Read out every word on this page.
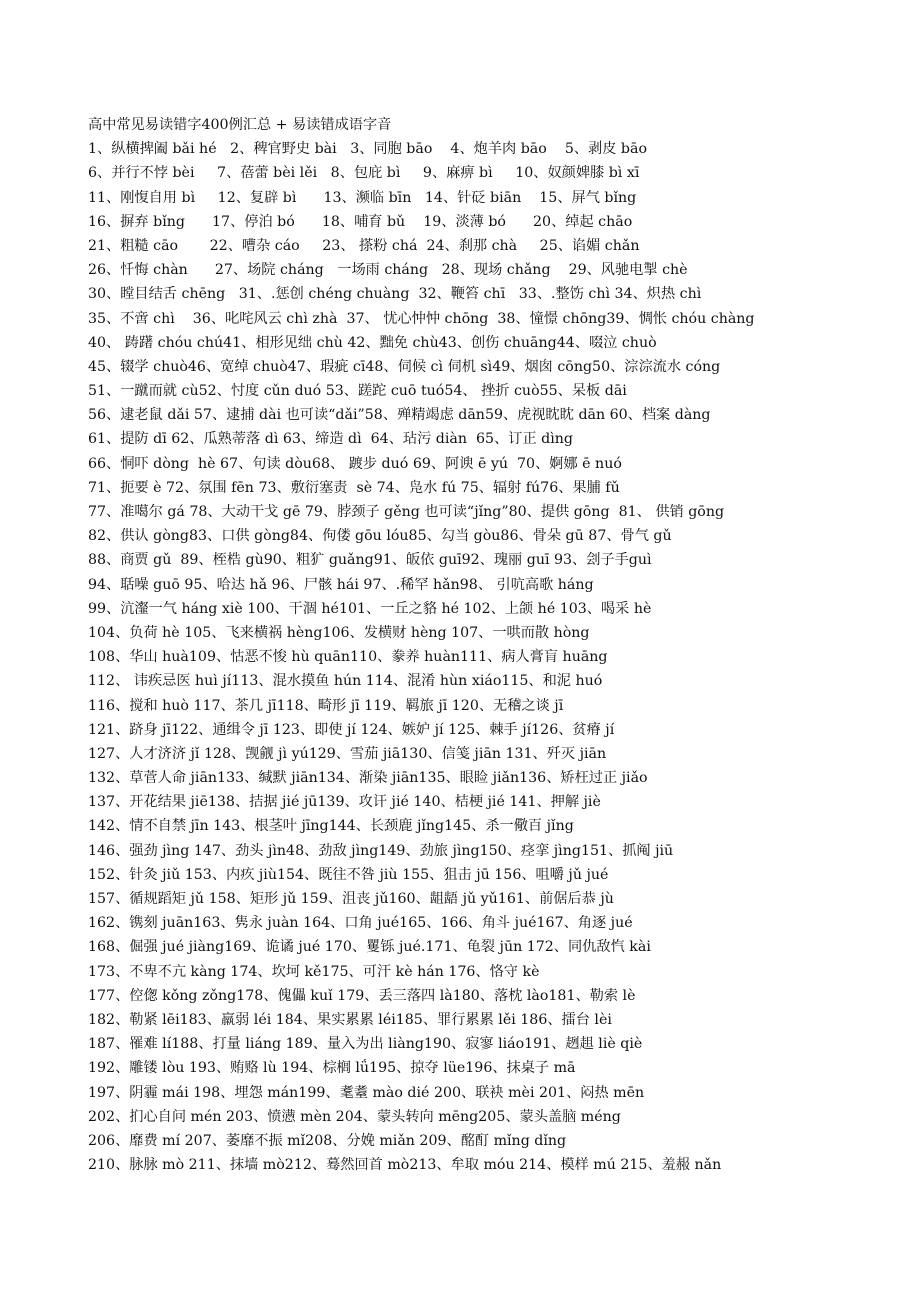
高中常见易读错字400例汇总 + 易读错成语字音
1、纵横捭阖 bǎi hé   2、稗官野史 bài   3、同胞 bāo    4、炮羊肉 bāo    5、剥皮 bāo
6、并行不悖 bèi     7、蓓蕾 bèi lěi   8、包庇 bì     9、麻痹 bì     10、奴颜婢膝 bì xī
11、刚愎自用 bì     12、复辟 bì      13、濒临 bīn   14、针砭 biān    15、屏气 bǐng
16、摒弃 bǐng      17、停泊 bó      18、哺育 bǔ    19、淡薄 bó      20、绰起 chāo
21、粗糙 cāo       22、嘈杂 cáo     23、 搽粉 chá  24、刹那 chà     25、谄媚 chǎn
26、忏悔 chàn      27、场院 cháng   一场雨 cháng   28、现场 chǎng    29、风驰电掣 chè
30、瞠目结舌 chēng   31、.惩创 chéng chuàng  32、鞭笞 chī   33、.整饬 chì 34、炽热 chì
35、不啻 chì    36、叱咤风云 chì zhà  37、 忧心忡忡 chōng  38、憧憬 chōng39、惆怅 chóu chàng
40、 踌躇 chóu chú41、相形见绌 chù 42、黜免 chù43、创伤 chuāng44、啜泣 chuò
45、辍学 chuò46、宽绰 chuò47、瑕疵 cī48、伺候 cì 伺机 sì49、烟囱 cōng50、淙淙流水 cóng
51、一蹴而就 cù52、忖度 cǔn duó 53、蹉跎 cuō tuó54、 挫折 cuò55、呆板 dāi
56、逮老鼠 dǎi 57、逮捕 dài 也可读“dǎi”58、殚精竭虑 dān59、虎视眈眈 dān 60、档案 dàng
61、提防 dī 62、瓜熟蒂落 dì 63、缔造 dì  64、玷污 diàn  65、订正 dìng
66、恫吓 dòng  hè 67、句读 dòu68、 踱步 duó 69、阿谀 ē yú  70、婀娜 ē nuó
71、扼要 è 72、氛围 fēn 73、敷衍塞责  sè 74、凫水 fú 75、辐射 fú76、果脯 fǔ
77、准噶尔 gá 78、大动干戈 gē 79、脖颈子 gěng 也可读“jǐng”80、提供 gōng  81、 供销 gōng
82、供认 gòng83、口供 gòng84、佝偻 gōu lóu85、勾当 gòu86、骨朵 gū 87、骨气 gǔ
88、商贾 gǔ  89、桎梏 gù90、粗犷 guǎng91、皈依 guī92、瑰丽 guī 93、刽子手guì
94、聒噪 guō 95、哈达 hǎ 96、尸骸 hái 97、.稀罕 hǎn98、 引吭高歌 háng
99、沆瀣一气 háng xiè 100、干涸 hé101、一丘之貉 hé 102、上颌 hé 103、喝采 hè
104、负荷 hè 105、飞来横祸 hèng106、发横财 hèng 107、一哄而散 hòng
108、华山 huà109、怙恶不悛 hù quān110、豢养 huàn111、病人膏肓 huāng
112、 讳疾忌医 huì jí113、混水摸鱼 hún 114、混淆 hùn xiáo115、和泥 huó
116、搅和 huò 117、茶几 jī118、畸形 jī 119、羁旅 jī 120、无稽之谈 jī
121、跻身 jī122、通缉令 jī 123、即使 jí 124、嫉妒 jí 125、棘手 jí126、贫瘠 jí
127、人才济济 jǐ 128、觊觎 jì yú129、雪茄 jiā130、信笺 jiān 131、歼灭 jiān
132、草菅人命 jiān133、缄默 jiān134、渐染 jiān135、眼睑 jiǎn136、矫枉过正 jiǎo
137、开花结果 jiē138、拮据 jié jū139、攻讦 jié 140、桔梗 jié 141、押解 jiè
142、情不自禁 jīn 143、根茎叶 jīng144、长颈鹿 jǐng145、杀一儆百 jǐng
146、强劲 jìng 147、劲头 jìn48、劲敌 jìng149、劲旅 jìng150、痉挛 jìng151、抓阄 jiū
152、针灸 jiǔ 153、内疚 jiù154、既往不咎 jiù 155、狙击 jū 156、咀嚼 jǔ jué
157、循规蹈矩 jǔ 158、矩形 jǔ 159、沮丧 jǔ160、龃龉 jǔ yǔ161、前倨后恭 jù
162、镌刻 juān163、隽永 juàn 164、口角 jué165、166、角斗 jué167、角逐 jué
168、倔强 jué jiàng169、诡谲 jué 170、矍铄 jué.171、龟裂 jūn 172、同仇敌忾 kài
173、不卑不亢 kàng 174、坎坷 kě175、可汗 kè hán 176、恪守 kè
177、倥偬 kǒng zǒng178、傀儡 kuǐ 179、丢三落四 là180、落枕 lào181、勒索 lè
182、勒紧 lēi183、羸弱 léi 184、果实累累 léi185、罪行累累 lěi 186、擂台 lèi
187、罹难 lí188、打量 liáng 189、量入为出 liàng190、寂寥 liáo191、趔趄 liè qiè
192、雕镂 lòu 193、贿赂 lù 194、棕榈 lǘ195、掠夺 lüe196、抹桌子 mā
197、阴霾 mái 198、埋怨 mán199、耄耋 mào dié 200、联袂 mèi 201、闷热 mēn
202、扪心自问 mén 203、愤懑 mèn 204、蒙头转向 mēng205、蒙头盖脑 méng
206、靡费 mí 207、萎靡不振 mǐ208、分娩 miǎn 209、酩酊 mǐng dǐng
210、脉脉 mò 211、抹墙 mò212、蓦然回首 mò213、牟取 móu 214、模样 mú 215、羞赧 nǎn
